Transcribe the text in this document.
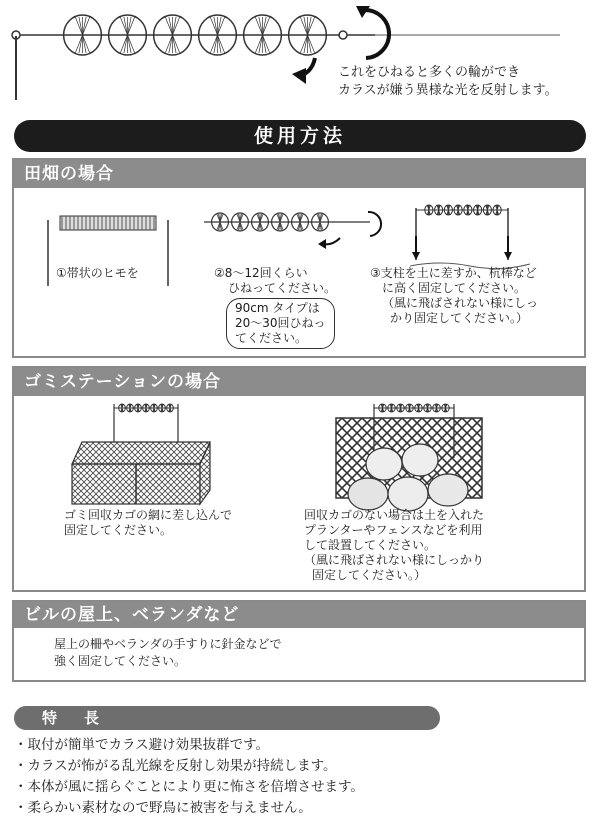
これをひねると多くの輪ができ
カラスが嫌う異様な光を反射します。
使用方法
田畑の場合
①帯状のヒモを	②8～12回くらい
ひねってください。
90cm タイプは
20～30回ひねっ
てください。
③支柱を土に差すか、杭棒など
に高く固定してください。
（風に飛ばされない様にしっ
かり固定してください。）
ゴミステーションの場合
ゴミ回収カゴの網に差し込んで
固定してください。
回収カゴのない場合は土を入れた
プランターやフェンスなどを利用
して設置してください。
（風に飛ばされない様にしっかり
固定してください。）
ビルの屋上、ベランダなど
屋上の柵やベランダの手すりに針金などで
強く固定してください。
特　長
・取付が簡単でカラス避け効果抜群です。
・カラスが怖がる乱光線を反射し効果が持続します。
・本体が風に揺らぐことにより更に怖さを倍増させます。
・柔らかい素材なので野鳥に被害を与えません。
